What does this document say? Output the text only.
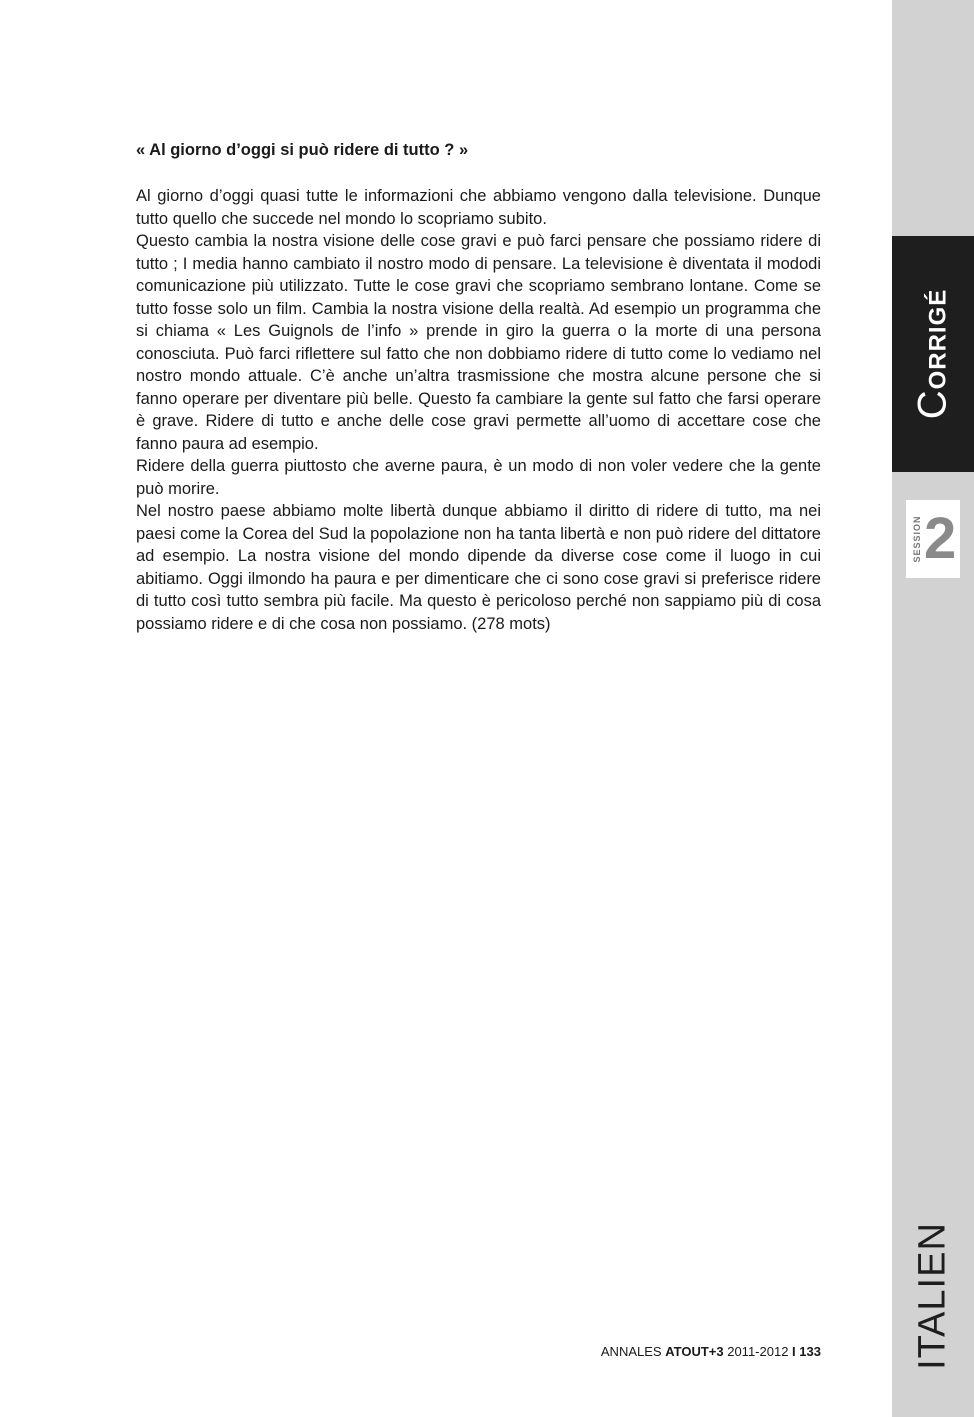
« Al giorno d’oggi si può ridere di tutto ? »

Al giorno d’oggi quasi tutte le informazioni che abbiamo vengono dalla televisione. Dunque tutto quello che succede nel mondo lo scopriamo subito.

Questo cambia la nostra visione delle cose gravi e può farci pensare che possiamo ridere di tutto ; I media hanno cambiato il nostro modo di pensare. La televisione è diventata il mododi comunicazione più utilizzato. Tutte le cose gravi che scopriamo sembrano lontane. Come se tutto fosse solo un film. Cambia la nostra visione della realtà. Ad esempio un programma che si chiama « Les Guignols de l’info » prende in giro la guerra o la morte di una persona conosciuta. Può farci riflettere sul fatto che non dobbiamo ridere di tutto come lo vediamo nel nostro mondo attuale. C’è anche un’altra trasmissione che mostra alcune persone che si fanno operare per diventare più belle. Questo fa cambiare la gente sul fatto che farsi operare è grave. Ridere di tutto e anche delle cose gravi permette all’uomo di accettare cose che fanno paura ad esempio.

Ridere della guerra piuttosto che averne paura, è un modo di non voler vedere che la gente può morire.

Nel nostro paese abbiamo molte libertà dunque abbiamo il diritto di ridere di tutto, ma nei paesi come la Corea del Sud la popolazione non ha tanta libertà e non può ridere del dittatore ad esempio. La nostra visione del mondo dipende da diverse cose come il luogo in cui abitiamo. Oggi ilmondo ha paura e per dimenticare che ci sono cose gravi si preferisce ridere di tutto così tutto sembra più facile. Ma questo è pericoloso perché non sappiamo più di cosa possiamo ridere e di che cosa non possiamo. (278 mots)

ANNALES ATOUT+3 2011-2012 I 133
CORRIGÉ
SESSION 2
ITALIEN
